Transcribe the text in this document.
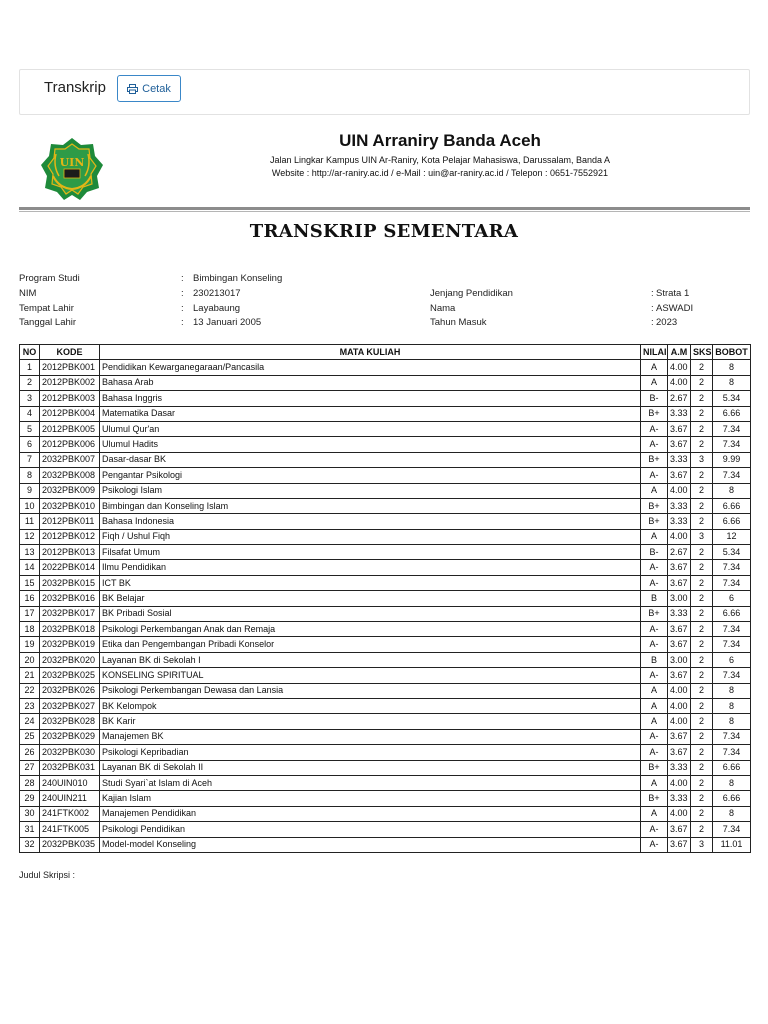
Transkrip	Cetak
UIN
UIN Arraniry Banda Aceh
Jalan Lingkar Kampus UIN Ar-Raniry, Kota Pelajar Mahasiswa, Darussalam, Banda A
Website : http://ar-raniry.ac.id / e-Mail : uin@ar-raniry.ac.id / Telepon : 0651-7552921
TRANSKRIP SEMENTARA
Program Studi	: Bimbingan Konseling
NIM	: 230213017
Tempat Lahir	: Layabaung
Tanggal Lahir	: 13 Januari 2005
Jenjang Pendidikan	: Strata 1
Nama	: ASWADI
Tahun Masuk	: 2023
NO	KODE	MATA KULIAH	NILAI	A.M	SKS	BOBOT
1	2012PBK001	Pendidikan Kewarganegaraan/Pancasila	A	4.00	2	8
2	2012PBK002	Bahasa Arab	A	4.00	2	8
3	2012PBK003	Bahasa Inggris	B-	2.67	2	5.34
4	2012PBK004	Matematika Dasar	B+	3.33	2	6.66
5	2012PBK005	Ulumul Qur'an	A-	3.67	2	7.34
6	2012PBK006	Ulumul Hadits	A-	3.67	2	7.34
7	2032PBK007	Dasar-dasar BK	B+	3.33	3	9.99
8	2032PBK008	Pengantar Psikologi	A-	3.67	2	7.34
9	2032PBK009	Psikologi Islam	A	4.00	2	8
10	2032PBK010	Bimbingan dan Konseling Islam	B+	3.33	2	6.66
11	2012PBK011	Bahasa Indonesia	B+	3.33	2	6.66
12	2012PBK012	Fiqh / Ushul Fiqh	A	4.00	3	12
13	2012PBK013	Filsafat Umum	B-	2.67	2	5.34
14	2022PBK014	Ilmu Pendidikan	A-	3.67	2	7.34
15	2032PBK015	ICT BK	A-	3.67	2	7.34
16	2032PBK016	BK Belajar	B	3.00	2	6
17	2032PBK017	BK Pribadi Sosial	B+	3.33	2	6.66
18	2032PBK018	Psikologi Perkembangan Anak dan Remaja	A-	3.67	2	7.34
19	2032PBK019	Etika dan Pengembangan Pribadi Konselor	A-	3.67	2	7.34
20	2032PBK020	Layanan BK di Sekolah I	B	3.00	2	6
21	2032PBK025	KONSELING SPIRITUAL	A-	3.67	2	7.34
22	2032PBK026	Psikologi Perkembangan Dewasa dan Lansia	A	4.00	2	8
23	2032PBK027	BK Kelompok	A	4.00	2	8
24	2032PBK028	BK Karir	A	4.00	2	8
25	2032PBK029	Manajemen BK	A-	3.67	2	7.34
26	2032PBK030	Psikologi Kepribadian	A-	3.67	2	7.34
27	2032PBK031	Layanan BK di Sekolah II	B+	3.33	2	6.66
28	240UIN010	Studi Syari`at Islam di Aceh	A	4.00	2	8
29	240UIN211	Kajian Islam	B+	3.33	2	6.66
30	241FTK002	Manajemen Pendidikan	A	4.00	2	8
31	241FTK005	Psikologi Pendidikan	A-	3.67	2	7.34
32	2032PBK035	Model-model Konseling	A-	3.67	3	11.01
Judul Skripsi :
